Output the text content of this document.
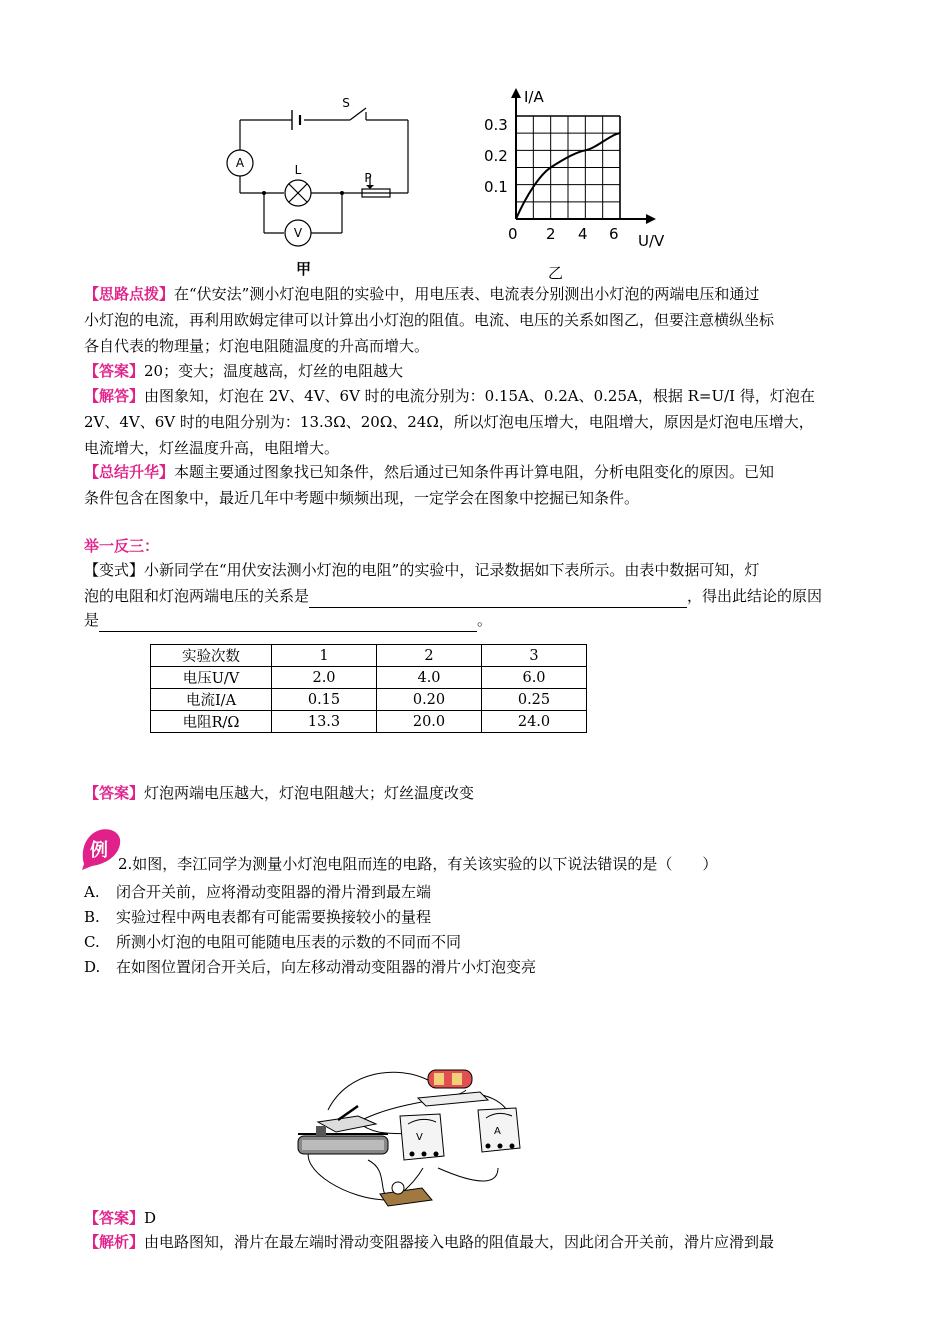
A
V
S
L
P
甲
I/A
U/V
0.3
0.2
0.1
0 2 4 6
乙
【思路点拨】在“伏安法”测小灯泡电阻的实验中，用电压表、电流表分别测出小灯泡的两端电压和通过
小灯泡的电流，再利用欧姆定律可以计算出小灯泡的阻值。电流、电压的关系如图乙，但要注意横纵坐标
各自代表的物理量；灯泡电阻随温度的升高而增大。
【答案】20；变大；温度越高，灯丝的电阻越大
【解答】由图象知，灯泡在 2V、4V、6V 时的电流分别为：0.15A、0.2A、0.25A，根据 R=U/I 得，灯泡在
2V、4V、6V 时的电阻分别为：13.3Ω、20Ω、24Ω，所以灯泡电压增大，电阻增大，原因是灯泡电压增大，
电流增大，灯丝温度升高，电阻增大。
【总结升华】本题主要通过图象找已知条件，然后通过已知条件再计算电阻，分析电阻变化的原因。已知
条件包含在图象中，最近几年中考题中频频出现，一定学会在图象中挖掘已知条件。
举一反三：
【变式】小新同学在“用伏安法测小灯泡的电阻”的实验中，记录数据如下表所示。由表中数据可知，灯
泡的电阻和灯泡两端电压的关系是	，得出此结论的原因
是	。
实验次数	1	2	3
电压U/V	2.0	4.0	6.0
电流I/A	0.15	0.20	0.25
电阻R/Ω	13.3	20.0	24.0
【答案】灯泡两端电压越大，灯泡电阻越大；灯丝温度改变
例
2.如图，李江同学为测量小灯泡电阻而连的电路，有关该实验的以下说法错误的是（　　）
A. 闭合开关前，应将滑动变阻器的滑片滑到最左端
B. 实验过程中两电表都有可能需要换接较小的量程
C. 所测小灯泡的电阻可能随电压表的示数的不同而不同
D. 在如图位置闭合开关后，向左移动滑动变阻器的滑片小灯泡变亮
V
A
【答案】D
【解析】由电路图知，滑片在最左端时滑动变阻器接入电路的阻值最大，因此闭合开关前，滑片应滑到最
